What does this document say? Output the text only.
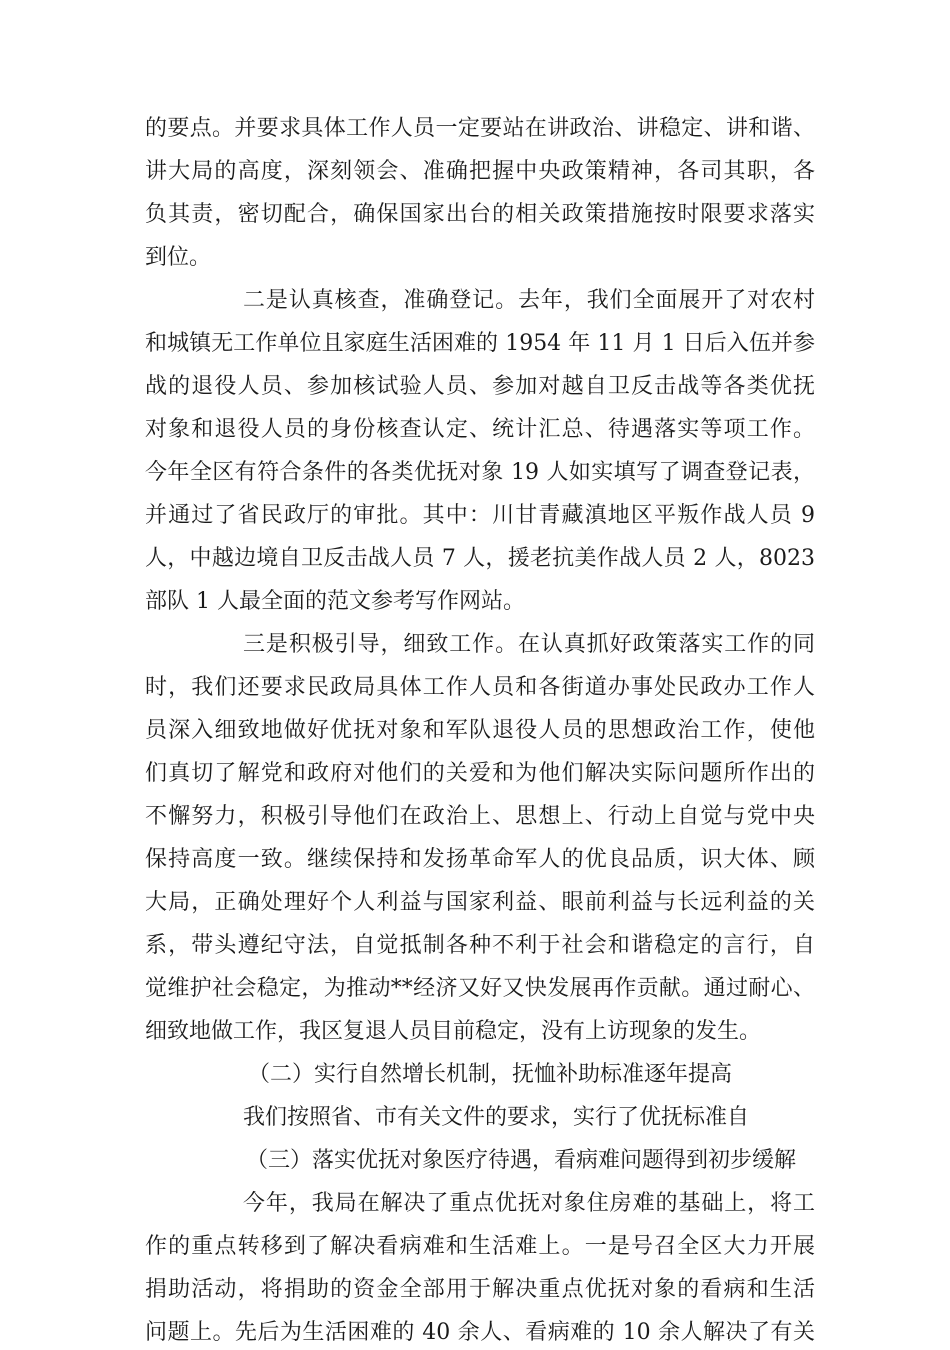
的要点。并要求具体工作人员一定要站在讲政治、讲稳定、讲和谐、
讲大局的高度，深刻领会、准确把握中央政策精神，各司其职，各
负其责，密切配合，确保国家出台的相关政策措施按时限要求落实
到位。
二是认真核查，准确登记。去年，我们全面展开了对农村
和城镇无工作单位且家庭生活困难的 1954 年 11 月 1 日后入伍并参
战的退役人员、参加核试验人员、参加对越自卫反击战等各类优抚
对象和退役人员的身份核查认定、统计汇总、待遇落实等项工作。
今年全区有符合条件的各类优抚对象 19 人如实填写了调查登记表，
并通过了省民政厅的审批。其中：川甘青藏滇地区平叛作战人员 9
人，中越边境自卫反击战人员 7 人，援老抗美作战人员 2 人，8023
部队 1 人最全面的范文参考写作网站。
三是积极引导，细致工作。在认真抓好政策落实工作的同
时，我们还要求民政局具体工作人员和各街道办事处民政办工作人
员深入细致地做好优抚对象和军队退役人员的思想政治工作，使他
们真切了解党和政府对他们的关爱和为他们解决实际问题所作出的
不懈努力，积极引导他们在政治上、思想上、行动上自觉与党中央
保持高度一致。继续保持和发扬革命军人的优良品质，识大体、顾
大局，正确处理好个人利益与国家利益、眼前利益与长远利益的关
系，带头遵纪守法，自觉抵制各种不利于社会和谐稳定的言行，自
觉维护社会稳定，为推动**经济又好又快发展再作贡献。通过耐心、
细致地做工作，我区复退人员目前稳定，没有上访现象的发生。
（二）实行自然增长机制，抚恤补助标准逐年提高
我们按照省、市有关文件的要求，实行了优抚标准自
（三）落实优抚对象医疗待遇，看病难问题得到初步缓解
今年，我局在解决了重点优抚对象住房难的基础上，将工
作的重点转移到了解决看病难和生活难上。一是号召全区大力开展
捐助活动，将捐助的资金全部用于解决重点优抚对象的看病和生活
问题上。先后为生活困难的 40 余人、看病难的 10 余人解决了有关
